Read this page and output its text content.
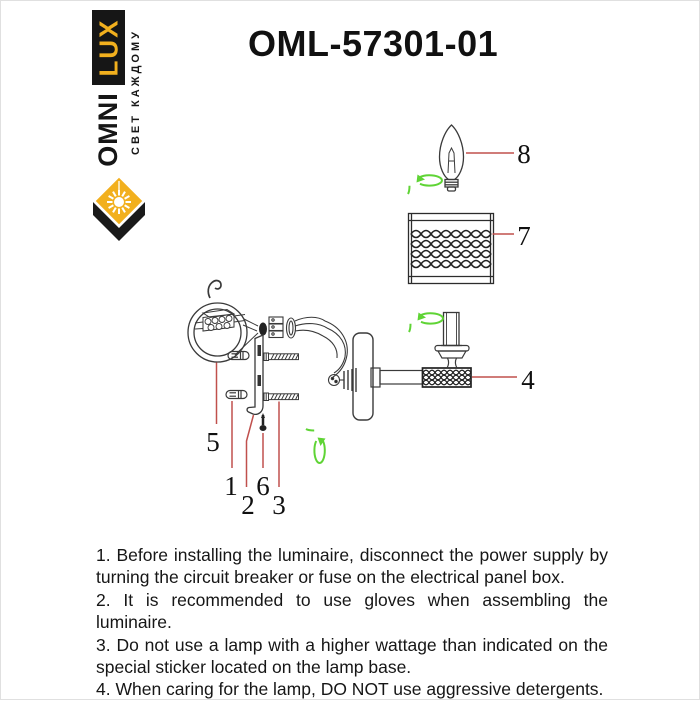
LUX
OMNI СВЕТ КАЖДОМУ	OML-57301-01
8
7
5
2
1
3
6
4

1. Before installing the luminaire, disconnect the power supply by turning the circuit breaker or fuse on the electrical panel box.

2. It is recommended to use gloves when assembling the luminaire.

3. Do not use a lamp with a higher wattage than indicated on the special sticker located on the lamp base.

4. When caring for the lamp, DO NOT use aggressive detergents.
